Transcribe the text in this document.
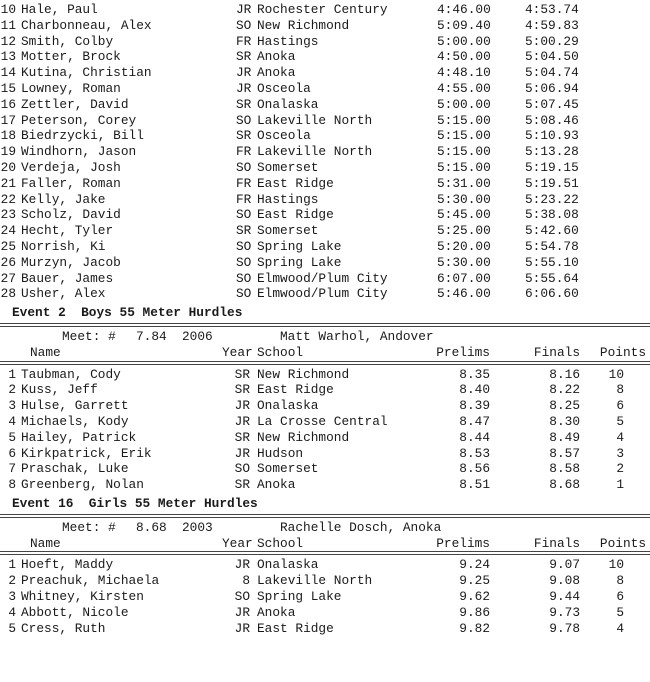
10 Hale, Paul	JR Rochester Century	4:46.00	4:53.74
11 Charbonneau, Alex	SO New Richmond	5:09.40	4:59.83
12 Smith, Colby	FR Hastings	5:00.00	5:00.29
13 Motter, Brock	SR Anoka	4:50.00	5:04.50
14 Kutina, Christian	JR Anoka	4:48.10	5:04.74
15 Lowney, Roman	JR Osceola	4:55.00	5:06.94
16 Zettler, David	SR Onalaska	5:00.00	5:07.45
17 Peterson, Corey	SO Lakeville North	5:15.00	5:08.46
18 Biedrzycki, Bill	SR Osceola	5:15.00	5:10.93
19 Windhorn, Jason	FR Lakeville North	5:15.00	5:13.28
20 Verdeja, Josh	SO Somerset	5:15.00	5:19.15
21 Faller, Roman	FR East Ridge	5:31.00	5:19.51
22 Kelly, Jake	FR Hastings	5:30.00	5:23.22
23 Scholz, David	SO East Ridge	5:45.00	5:38.08
24 Hecht, Tyler	SR Somerset	5:25.00	5:42.60
25 Norrish, Ki	SO Spring Lake	5:20.00	5:54.78
26 Murzyn, Jacob	SO Spring Lake	5:30.00	5:55.10
27 Bauer, James	SO Elmwood/Plum City	6:07.00	5:55.64
28 Usher, Alex	SO Elmwood/Plum City	5:46.00	6:06.60
Event 2  Boys 55 Meter Hurdles
Meet: # 7.84 2006	Matt Warhol, Andover
Name	Year School	Prelims	Finals	Points
1 Taubman, Cody	SR New Richmond	8.35	8.16	10
2 Kuss, Jeff	SR East Ridge	8.40	8.22	8
3 Hulse, Garrett	JR Onalaska	8.39	8.25	6
4 Michaels, Kody	JR La Crosse Central	8.47	8.30	5
5 Hailey, Patrick	SR New Richmond	8.44	8.49	4
6 Kirkpatrick, Erik	JR Hudson	8.53	8.57	3
7 Praschak, Luke	SO Somerset	8.56	8.58	2
8 Greenberg, Nolan	SR Anoka	8.51	8.68	1
Event 16  Girls 55 Meter Hurdles
Meet: # 8.68 2003	Rachelle Dosch, Anoka
Name	Year School	Prelims	Finals	Points
1 Hoeft, Maddy	JR Onalaska	9.24	9.07	10
2 Preachuk, Michaela	8 Lakeville North	9.25	9.08	8
3 Whitney, Kirsten	SO Spring Lake	9.62	9.44	6
4 Abbott, Nicole	JR Anoka	9.86	9.73	5
5 Cress, Ruth	JR East Ridge	9.82	9.78	4
